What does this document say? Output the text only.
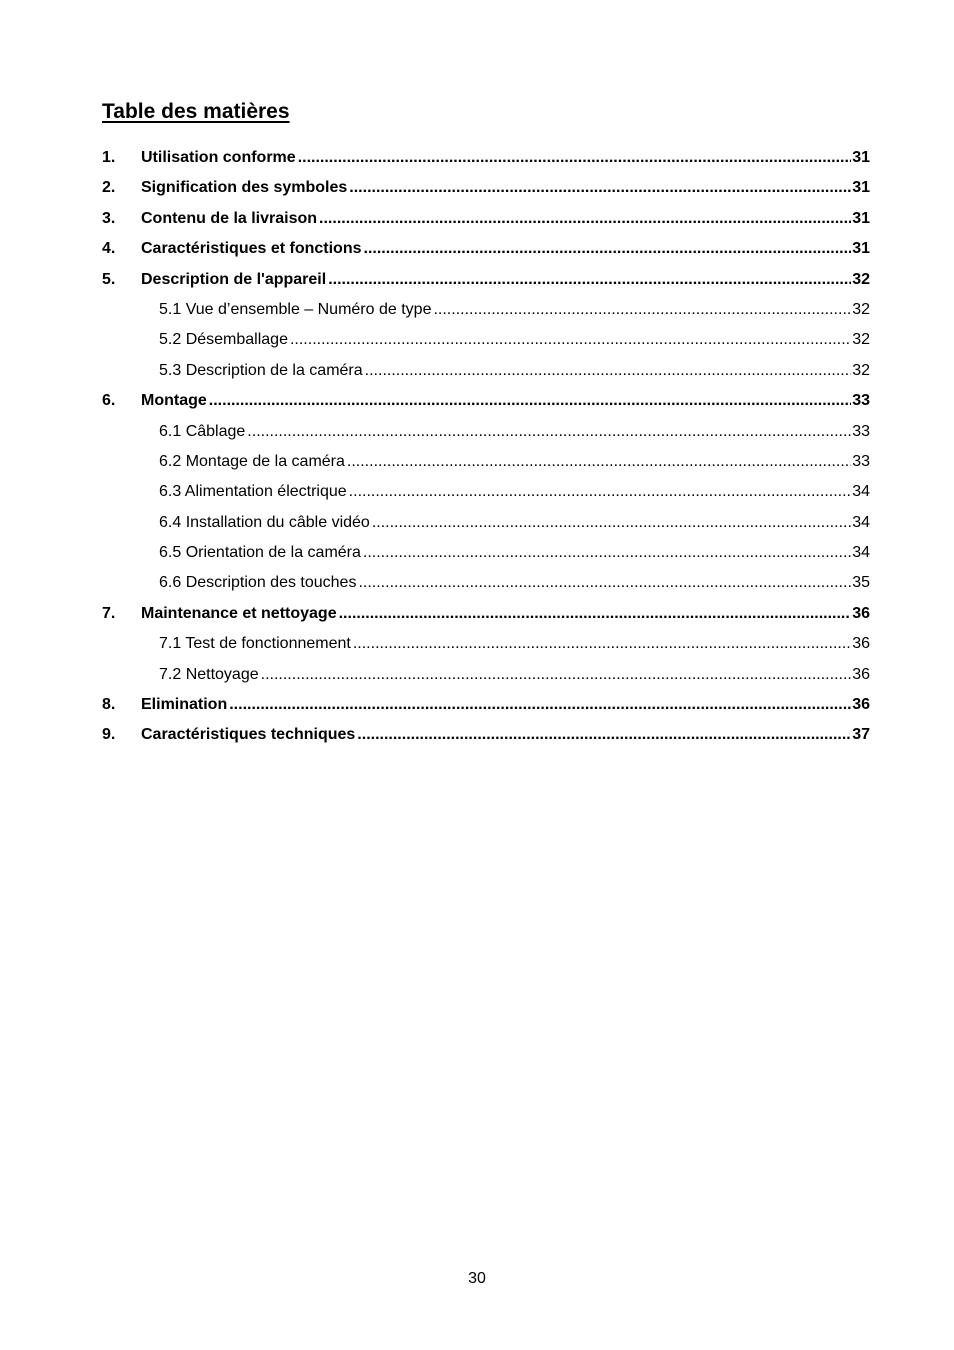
Table des matières
1.	Utilisation conforme .....	31
2.	Signification des symboles .....	31
3.	Contenu de la livraison .....	31
4.	Caractéristiques et fonctions .....	31
5.	Description de l'appareil .....	32
5.1 Vue d’ensemble – Numéro de type .....	32
5.2 Désemballage .....	32
5.3 Description de la caméra .....	32
6.	Montage .....	33
6.1 Câblage .....	33
6.2 Montage de la caméra .....	33
6.3 Alimentation électrique .....	34
6.4 Installation du câble vidéo .....	34
6.5 Orientation de la caméra .....	34
6.6 Description des touches .....	35
7.	Maintenance et nettoyage .....	36
7.1 Test de fonctionnement .....	36
7.2 Nettoyage .....	36
8.	Elimination .....	36
9.	Caractéristiques techniques .....	37
30
